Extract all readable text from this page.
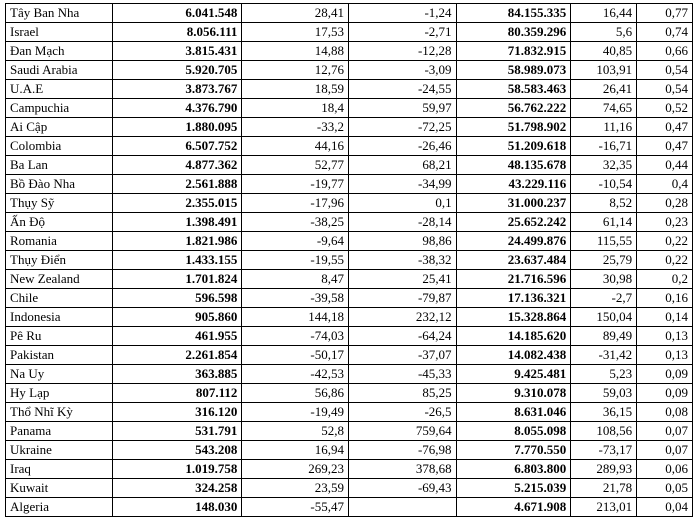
Tây Ban Nha	6.041.548	28,41	-1,24	84.155.335	16,44	0,77
Israel	8.056.111	17,53	-2,71	80.359.296	5,6	0,74
Đan Mạch	3.815.431	14,88	-12,28	71.832.915	40,85	0,66
Saudi Arabia	5.920.705	12,76	-3,09	58.989.073	103,91	0,54
U.A.E	3.873.767	18,59	-24,55	58.583.463	26,41	0,54
Campuchia	4.376.790	18,4	59,97	56.762.222	74,65	0,52
Ai Cập	1.880.095	-33,2	-72,25	51.798.902	11,16	0,47
Colombia	6.507.752	44,16	-26,46	51.209.618	-16,71	0,47
Ba Lan	4.877.362	52,77	68,21	48.135.678	32,35	0,44
Bồ Đào Nha	2.561.888	-19,77	-34,99	43.229.116	-10,54	0,4
Thụy Sỹ	2.355.015	-17,96	0,1	31.000.237	8,52	0,28
Ấn Độ	1.398.491	-38,25	-28,14	25.652.242	61,14	0,23
Romania	1.821.986	-9,64	98,86	24.499.876	115,55	0,22
Thụy Điển	1.433.155	-19,55	-38,32	23.637.484	25,79	0,22
New Zealand	1.701.824	8,47	25,41	21.716.596	30,98	0,2
Chile	596.598	-39,58	-79,87	17.136.321	-2,7	0,16
Indonesia	905.860	144,18	232,12	15.328.864	150,04	0,14
Pê Ru	461.955	-74,03	-64,24	14.185.620	89,49	0,13
Pakistan	2.261.854	-50,17	-37,07	14.082.438	-31,42	0,13
Na Uy	363.885	-42,53	-45,33	9.425.481	5,23	0,09
Hy Lạp	807.112	56,86	85,25	9.310.078	59,03	0,09
Thổ Nhĩ Kỳ	316.120	-19,49	-26,5	8.631.046	36,15	0,08
Panama	531.791	52,8	759,64	8.055.098	108,56	0,07
Ukraine	543.208	16,94	-76,98	7.770.550	-73,17	0,07
Iraq	1.019.758	269,23	378,68	6.803.800	289,93	0,06
Kuwait	324.258	23,59	-69,43	5.215.039	21,78	0,05
Algeria	148.030	-55,47		4.671.908	213,01	0,04
